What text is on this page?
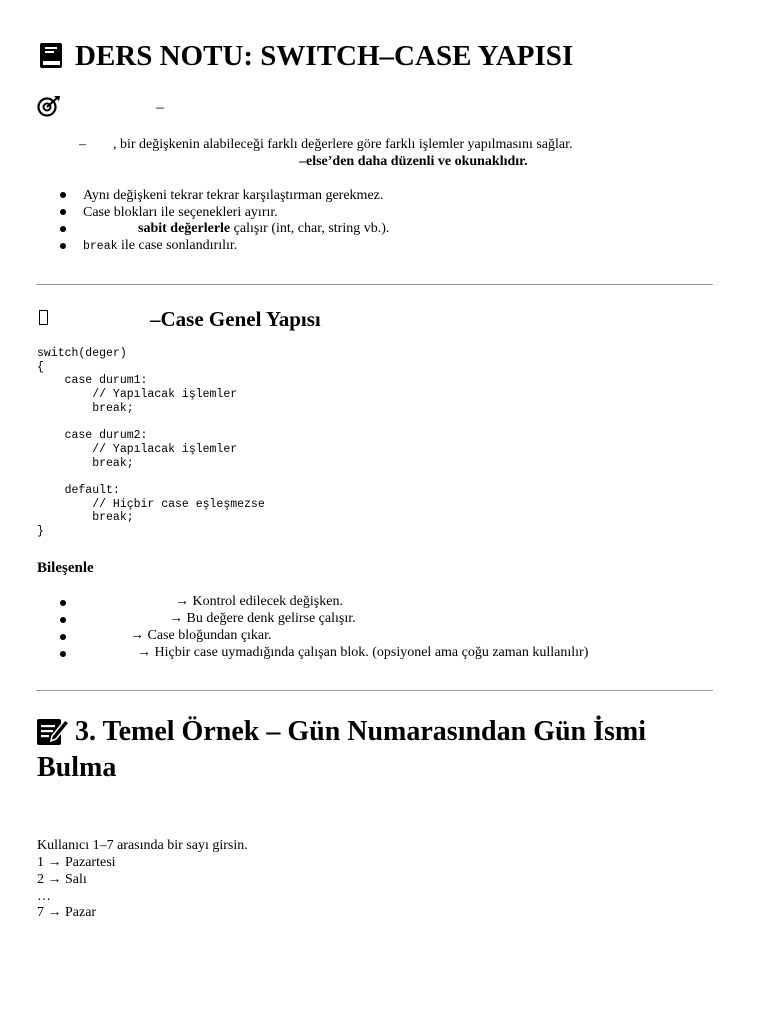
DERS NOTU: SWITCH–CASE YAPISI
–
– , bir değişkenin alabileceği farklı değerlere göre farklı işlemler yapılmasını sağlar.
–else’den daha düzenli ve okunaklıdır.
Aynı değişkeni tekrar tekrar karşılaştırman gerekmez.
Case blokları ile seçenekleri ayırır.
sabit değerlerle çalışır (int, char, string vb.).
break ile case sonlandırılır.
–Case Genel Yapısı
switch(deger)
{
case durum1:
// Yapılacak işlemler
break;

case durum2:
// Yapılacak işlemler
break;

default:
// Hiçbir case eşleşmezse
break;
}
Bileşenle
→ Kontrol edilecek değişken.
→ Bu değere denk gelirse çalışır.
→ Case bloğundan çıkar.
→ Hiçbir case uymadığında çalışan blok. (opsiyonel ama çoğu zaman kullanılır)
3. Temel Örnek – Gün Numarasından Gün İsmi Bulma
Kullanıcı 1–7 arasında bir sayı girsin.
1 → Pazartesi
2 → Salı
…
7 → Pazar
